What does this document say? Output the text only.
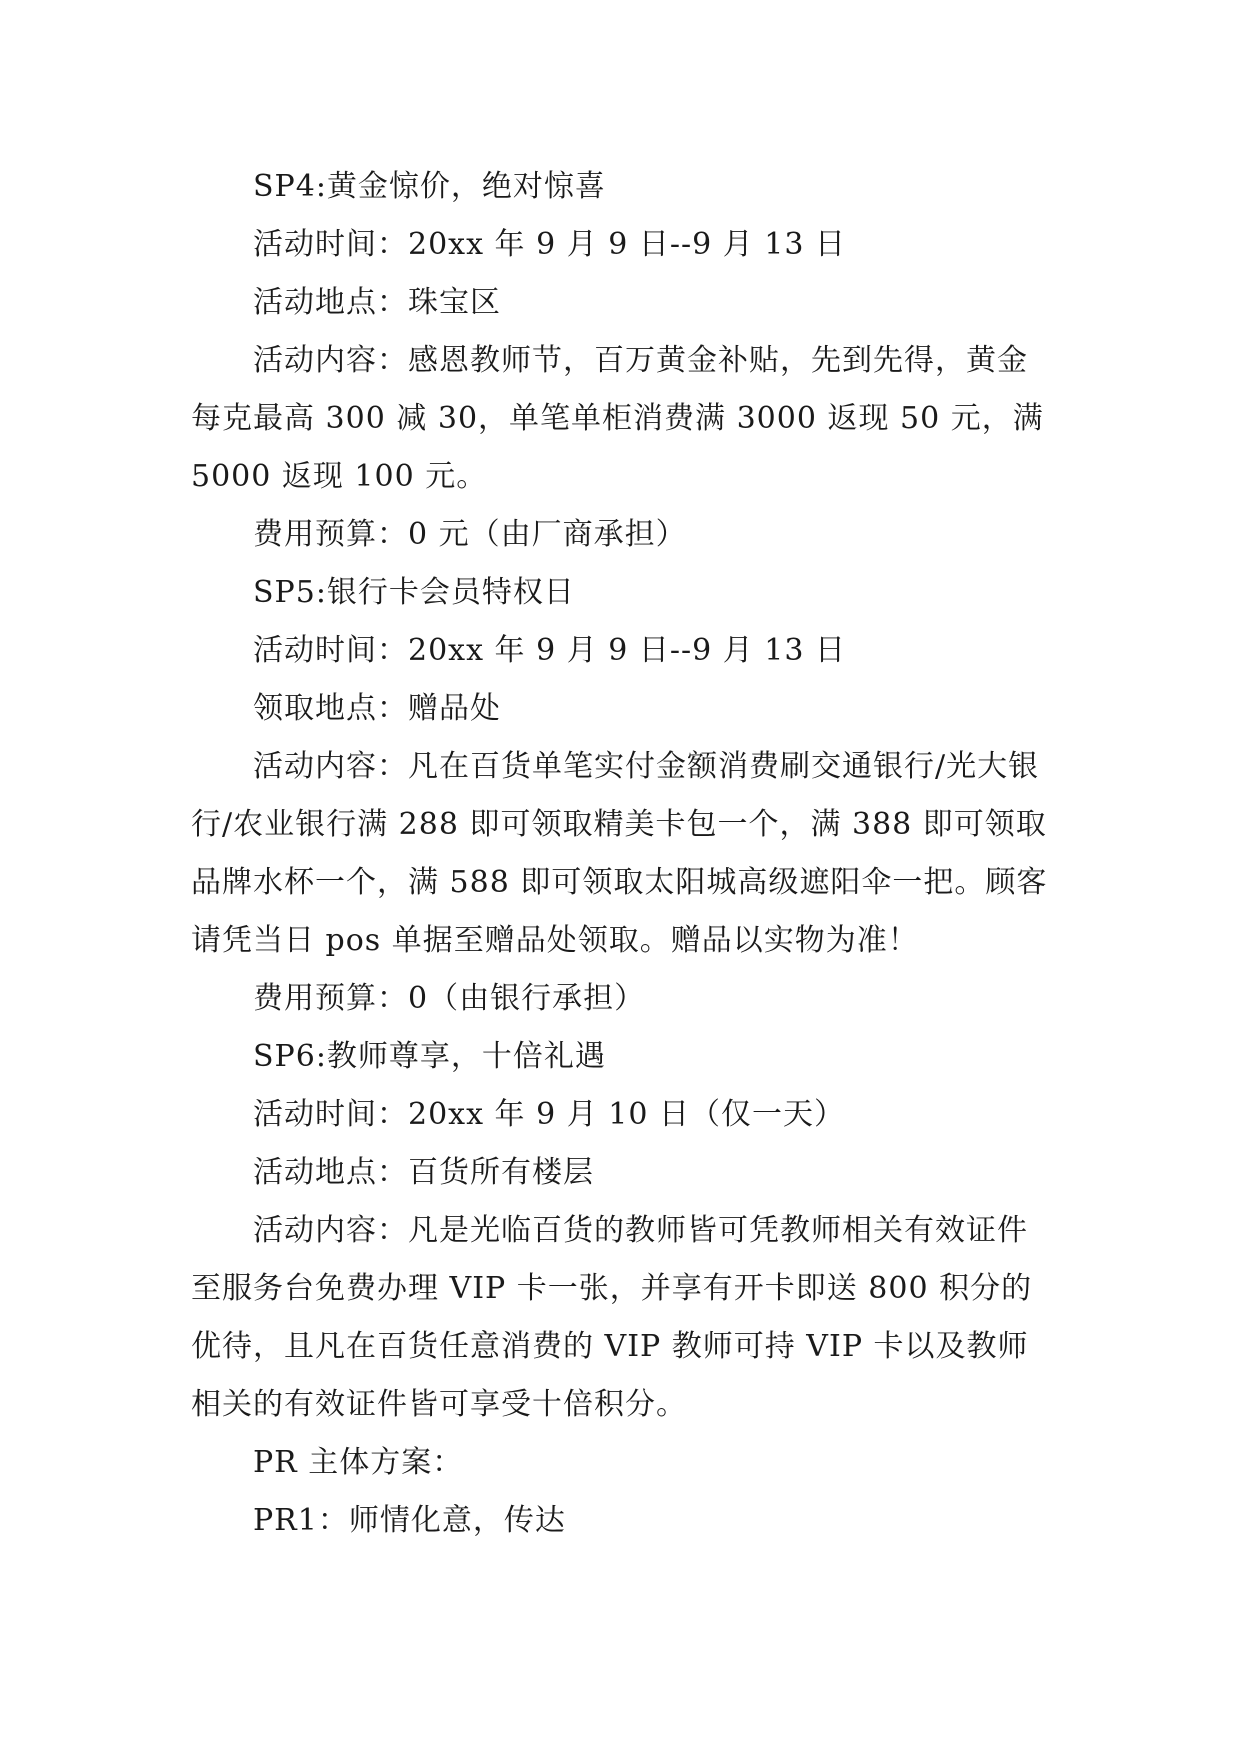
SP4:黄金惊价，绝对惊喜

活动时间：20xx 年 9 月 9 日--9 月 13 日

活动地点：珠宝区

活动内容：感恩教师节，百万黄金补贴，先到先得，黄金每克最高 300 减 30，单笔单柜消费满 3000 返现 50 元，满 5000 返现 100 元。

费用预算：0 元（由厂商承担）

SP5:银行卡会员特权日

活动时间：20xx 年 9 月 9 日--9 月 13 日

领取地点：赠品处

活动内容：凡在百货单笔实付金额消费刷交通银行/光大银行/农业银行满 288 即可领取精美卡包一个，满 388 即可领取品牌水杯一个，满 588 即可领取太阳城高级遮阳伞一把。顾客请凭当日 pos 单据至赠品处领取。赠品以实物为准！

费用预算：0（由银行承担）

SP6:教师尊享，十倍礼遇

活动时间：20xx 年 9 月 10 日（仅一天）

活动地点：百货所有楼层

活动内容：凡是光临百货的教师皆可凭教师相关有效证件至服务台免费办理 VIP 卡一张，并享有开卡即送 800 积分的优待，且凡在百货任意消费的 VIP 教师可持 VIP 卡以及教师相关的有效证件皆可享受十倍积分。

PR 主体方案：

PR1：师情化意，传达
